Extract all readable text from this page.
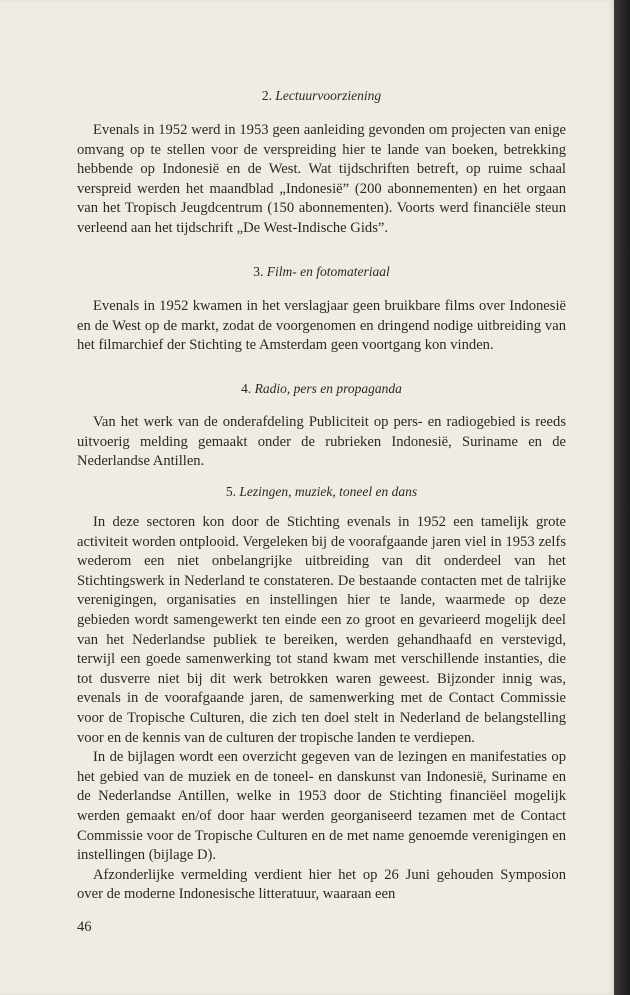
2. Lectuurvoorziening

Evenals in 1952 werd in 1953 geen aanleiding gevonden om projecten van enige omvang op te stellen voor de verspreiding hier te lande van boeken, betrekking hebbende op Indonesië en de West. Wat tijdschriften betreft, op ruime schaal verspreid werden het maandblad „Indonesië” (200 abonnementen) en het orgaan van het Tropisch Jeugdcentrum (150 abonnementen). Voorts werd financiële steun verleend aan het tijdschrift „De West-Indische Gids”.

3. Film- en fotomateriaal

Evenals in 1952 kwamen in het verslagjaar geen bruikbare films over Indonesië en de West op de markt, zodat de voorgenomen en dringend nodige uitbreiding van het filmarchief der Stichting te Amsterdam geen voortgang kon vinden.

4. Radio, pers en propaganda

Van het werk van de onderafdeling Publiciteit op pers- en radiogebied is reeds uitvoerig melding gemaakt onder de rubrieken Indonesië, Suriname en de Nederlandse Antillen.

5. Lezingen, muziek, toneel en dans

In deze sectoren kon door de Stichting evenals in 1952 een tamelijk grote activiteit worden ontplooid. Vergeleken bij de voorafgaande jaren viel in 1953 zelfs wederom een niet onbelangrijke uitbreiding van dit onderdeel van het Stichtingswerk in Nederland te constateren. De bestaande contacten met de talrijke verenigingen, organisaties en instellingen hier te lande, waarmede op deze gebieden wordt samengewerkt ten einde een zo groot en gevarieerd mogelijk deel van het Nederlandse publiek te bereiken, werden gehandhaafd en verstevigd, terwijl een goede samenwerking tot stand kwam met verschillende instanties, die tot dusverre niet bij dit werk betrokken waren geweest. Bijzonder innig was, evenals in de voorafgaande jaren, de samenwerking met de Contact Commissie voor de Tropische Culturen, die zich ten doel stelt in Nederland de belangstelling voor en de kennis van de culturen der tropische landen te verdiepen.

In de bijlagen wordt een overzicht gegeven van de lezingen en manifestaties op het gebied van de muziek en de toneel- en danskunst van Indonesië, Suriname en de Nederlandse Antillen, welke in 1953 door de Stichting financiëel mogelijk werden gemaakt en/of door haar werden georganiseerd tezamen met de Contact Commissie voor de Tropische Culturen en de met name genoemde verenigingen en instellingen (bijlage D).

Afzonderlijke vermelding verdient hier het op 26 Juni gehouden Symposion over de moderne Indonesische litteratuur, waaraan een

46
